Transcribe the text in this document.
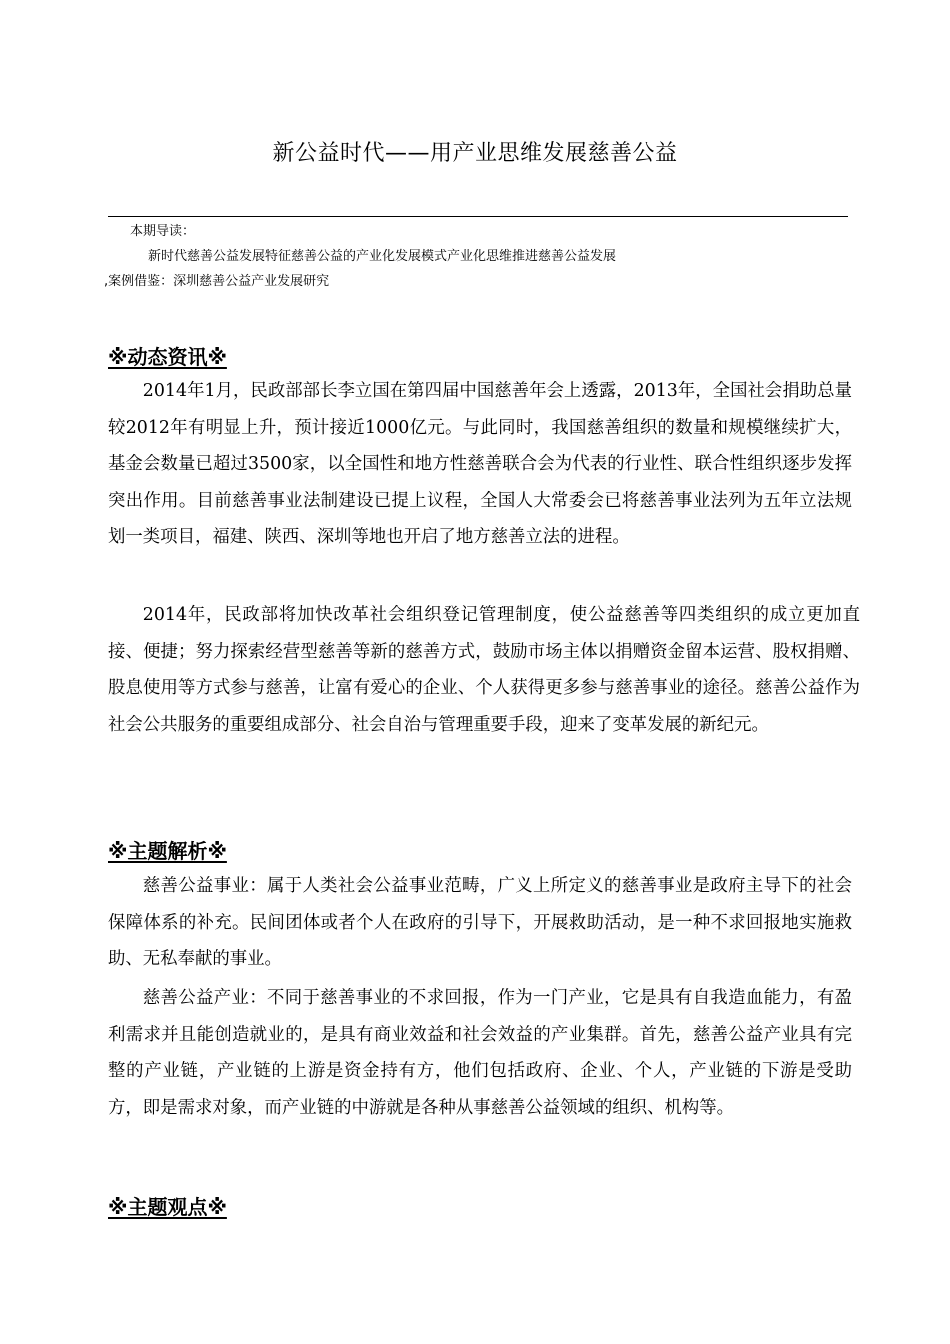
新公益时代——用产业思维发展慈善公益
本期导读：
新时代慈善公益发展特征慈善公益的产业化发展模式产业化思维推进慈善公益发展
,案例借鉴：深圳慈善公益产业发展研究
※动态资讯※

2014年1月，民政部部长李立国在第四届中国慈善年会上透露，2013年，全国社会捐助总量较2012年有明显上升，预计接近1000亿元。与此同时，我国慈善组织的数量和规模继续扩大，基金会数量已超过3500家，以全国性和地方性慈善联合会为代表的行业性、联合性组织逐步发挥突出作用。目前慈善事业法制建设已提上议程，全国人大常委会已将慈善事业法列为五年立法规划一类项目，福建、陕西、深圳等地也开启了地方慈善立法的进程。

2014年，民政部将加快改革社会组织登记管理制度，使公益慈善等四类组织的成立更加直接、便捷；努力探索经营型慈善等新的慈善方式，鼓励市场主体以捐赠资金留本运营、股权捐赠、股息使用等方式参与慈善，让富有爱心的企业、个人获得更多参与慈善事业的途径。慈善公益作为社会公共服务的重要组成部分、社会自治与管理重要手段，迎来了变革发展的新纪元。

※主题解析※

慈善公益事业：属于人类社会公益事业范畴，广义上所定义的慈善事业是政府主导下的社会保障体系的补充。民间团体或者个人在政府的引导下，开展救助活动，是一种不求回报地实施救助、无私奉献的事业。

慈善公益产业：不同于慈善事业的不求回报，作为一门产业，它是具有自我造血能力，有盈利需求并且能创造就业的，是具有商业效益和社会效益的产业集群。首先，慈善公益产业具有完整的产业链，产业链的上游是资金持有方，他们包括政府、企业、个人，产业链的下游是受助方，即是需求对象，而产业链的中游就是各种从事慈善公益领域的组织、机构等。

※主题观点※
